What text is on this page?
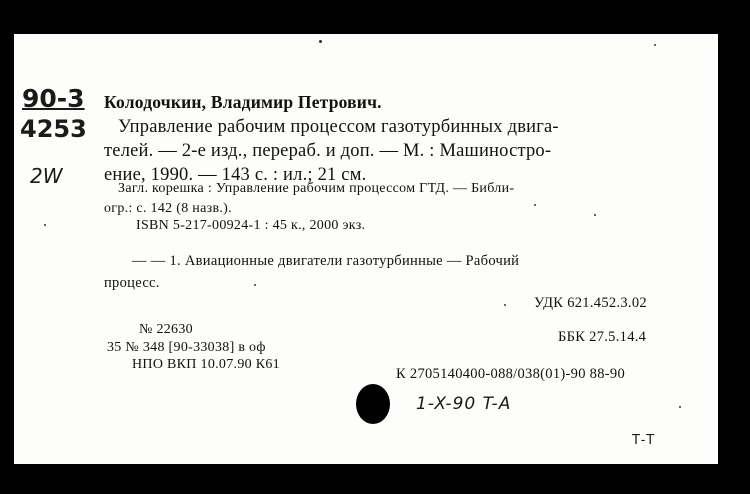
90-3
4253
2W
Колодочкин, Владимир Петрович.
Управление рабочим процессом газотурбинных двига-
телей. — 2-е изд., перераб. и доп. — М. : Машиностро-
ение, 1990. — 143 с. : ил.; 21 см.
Загл. корешка : Управление рабочим процессом ГТД. — Библи-
огр.: с. 142 (8 назв.).
ISBN 5-217-00924-1 : 45 к., 2000 экз.
— — 1. Авиационные двигатели газотурбинные — Рабочий
процесс.
УДК 621.452.3.02
ББК 27.5.14.4
№ 22630
35 № 348 [90-33038] в оф
НПО ВКП 10.07.90 К61
К 2705140400-088/038(01)-90 88-90
1-X-90 T-A
T-T
